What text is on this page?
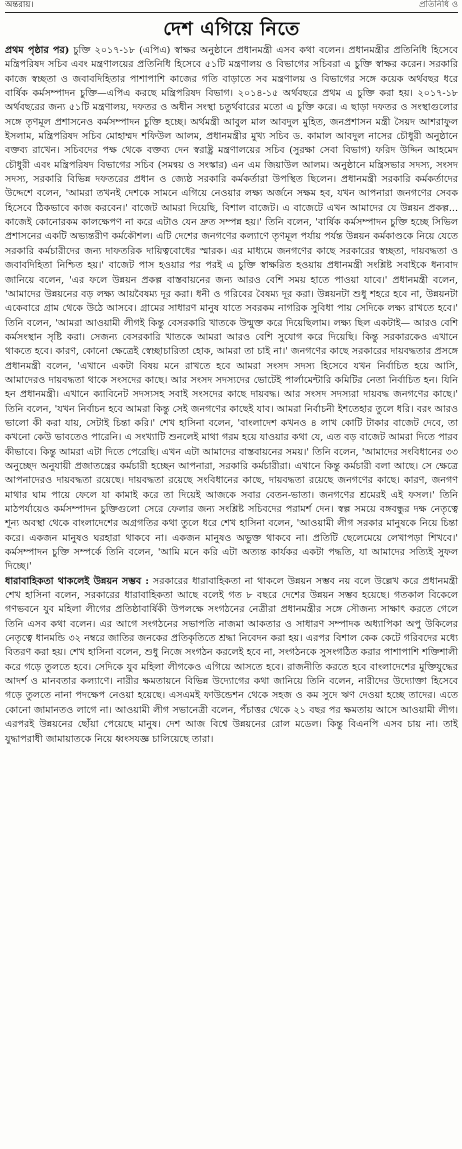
অন্তরায়।	প্রতিনিধি ও
দেশ এগিয়ে নিতে

প্রথম পৃষ্ঠার পর) চুক্তি ২০১৭-১৮ (এপিএ) স্বাক্ষর অনুষ্ঠানে প্রধানমন্ত্রী এসব কথা বলেন। প্রধানমন্ত্রীর প্রতিনিধি হিসেবে মন্ত্রিপরিষদ সচিব এবং মন্ত্রণালয়ের প্রতিনিধি হিসেবে ৫১টি মন্ত্রণালয় ও বিভাগের সচিবরা এ চুক্তি স্বাক্ষর করেন। সরকারি কাজে স্বচ্ছতা ও জবাবদিহিতার পাশাপাশি কাজের গতি বাড়াতে সব মন্ত্রণালয় ও বিভাগের সঙ্গে কয়েক অর্থবছর ধরে বার্ষিক কর্মসম্পাদন চুক্তি—এপিএ করছে মন্ত্রিপরিষদ বিভাগ। ২০১৪-১৫ অর্থবছরে প্রথম এ চুক্তি করা হয়। ২০১৭-১৮ অর্থবছরের জন্য ৫১টি মন্ত্রণালয়, দফতর ও অধীন সংস্থা চতুর্থবারের মতো এ চুক্তি করে। এ ছাড়া দফতর ও সংস্থাগুলোর সঙ্গে তৃণমূল প্রশাসনেও কর্মসম্পাদন চুক্তি হচ্ছে। অর্থমন্ত্রী আবুল মাল আবদুল মুহিত, জনপ্রশাসন মন্ত্রী সৈয়দ আশরাফুল ইসলাম, মন্ত্রিপরিষদ সচিব মোহাম্মদ শফিউল আলম, প্রধানমন্ত্রীর মুখ্য সচিব ড. কামাল আবদুল নাসের চৌধুরী অনুষ্ঠানে বক্তব্য রাখেন। সচিবদের পক্ষ থেকে বক্তব্য দেন স্বরাষ্ট্র মন্ত্রণালয়ের সচিব (সুরক্ষা সেবা বিভাগ) ফরিদ উদ্দিন আহমেদ চৌধুরী এবং মন্ত্রিপরিষদ বিভাগের সচিব (সমন্বয় ও সংস্কার) এন এম জিয়াউল আলম। অনুষ্ঠানে মন্ত্রিসভার সদস্য, সংসদ সদস্য, সরকারি বিভিন্ন দফতরের প্রধান ও জ্যেষ্ঠ সরকারি কর্মকর্তারা উপস্থিত ছিলেন। প্রধানমন্ত্রী সরকারি কর্মকর্তাদের উদ্দেশে বলেন, 'আমরা তখনই দেশকে সামনে এগিয়ে নেওয়ার লক্ষ্য অর্জনে সক্ষম হব, যখন আপনারা জনগণের সেবক হিসেবে ঠিকভাবে কাজ করবেন।' বাজেট আমরা দিয়েছি, বিশাল বাজেট। এ বাজেটে এখন আমাদের যে উন্নয়ন প্রকল্প... কাজেই কোনোরকম কালক্ষেপণ না করে এটাও যেন দ্রুত সম্পন্ন হয়।' তিনি বলেন, 'বার্ষিক কর্মসম্পাদন চুক্তি হচ্ছে সিভিল প্রশাসনের একটি অভ্যন্তরীণ কর্মকৌশল। এটি দেশের জনগণের কল্যাণে তৃণমূল পর্যায় পর্যন্ত উন্নয়ন কর্মকাণ্ডকে নিয়ে যেতে সরকারি কর্মচারীদের জন্য দাফতরিক দায়িত্ববোধের স্মারক। এর মাধ্যমে জনগণের কাছে সরকারের স্বচ্ছতা, দায়বদ্ধতা ও জবাবদিহিতা নিশ্চিত হয়।' বাজেট পাস হওয়ার পর পরই এ চুক্তি স্বাক্ষরিত হওয়ায় প্রধানমন্ত্রী সংশ্লিষ্ট সবাইকে ধন্যবাদ জানিয়ে বলেন, 'এর ফলে উন্নয়ন প্রকল্প বাস্তবায়নের জন্য আরও বেশি সময় হাতে পাওয়া যাবে।' প্রধানমন্ত্রী বলেন, 'আমাদের উন্নয়নের বড় লক্ষ্য আয়বৈষম্য দূর করা। ধনী ও গরিবের বৈষম্য দূর করা। উন্নয়নটা শুধু শহরে হবে না, উন্নয়নটা একেবারে গ্রাম থেকে উঠে আসবে। গ্রামের সাধারণ মানুষ যাতে সবরকম নাগরিক সুবিধা পায় সেদিকে লক্ষ্য রাখতে হবে।' তিনি বলেন, 'আমরা আওয়ামী লীগই কিন্তু বেসরকারি খাতকে উন্মুক্ত করে দিয়েছিলাম। লক্ষ্য ছিল একটাই— আরও বেশি কর্মসংস্থান সৃষ্টি করা। সেজন্য বেসরকারি খাতকে আমরা আরও বেশি সুযোগ করে দিয়েছি। কিন্তু সরকারকেও এখানে থাকতে হবে। কারণ, কোনো ক্ষেত্রেই স্বেচ্ছাচারিতা হোক, আমরা তা চাই না।' জনগণের কাছে সরকারের দায়বদ্ধতার প্রসঙ্গে প্রধানমন্ত্রী বলেন, 'এখানে একটা বিষয় মনে রাখতে হবে আমরা সংসদ সদস্য হিসেবে যখন নির্বাচিত হয়ে আসি, আমাদেরও দায়বদ্ধতা থাকে সংসদের কাছে। আর সংসদ সদস্যদের ভোটেই পার্লামেন্টারি কমিটির নেতা নির্বাচিত হন। যিনি হন প্রধানমন্ত্রী। এখানে ক্যাবিনেট সদস্যসহ সবাই সংসদের কাছে দায়বদ্ধ। আর সংসদ সদস্যরা দায়বদ্ধ জনগণের কাছে।' তিনি বলেন, 'যখন নির্বাচন হবে আমরা কিন্তু সেই জনগণের কাছেই যাব। আমরা নির্বাচনী ইশতেহার তুলে ধরি। বরং আরও ভালো কী করা যায়, সেটাই চিন্তা করি।' শেখ হাসিনা বলেন, 'বাংলাদেশ কখনও ৪ লাখ কোটি টাকার বাজেট দেবে, তা কখনো কেউ ভাবতেও পারেনি। এ সংখ্যাটি শুনলেই মাথা গরম হয়ে যাওয়ার কথা যে, এত বড় বাজেট আমরা দিতে পারব কীভাবে। কিন্তু আমরা এটা দিতে পেরেছি। এখন এটা আমাদের বাস্তবায়নের সময়।' তিনি বলেন, 'আমাদের সংবিধানের ৩৩ অনুচ্ছেদ অনুযায়ী প্রজাতন্ত্রের কর্মচারী হচ্ছেন আপনারা, সরকারি কর্মচারীরা। এখানে কিন্তু কর্মচারী বলা আছে। সে ক্ষেত্রে আপনাদেরও দায়বদ্ধতা রয়েছে। দায়বদ্ধতা রয়েছে সংবিধানের কাছে, দায়বদ্ধতা রয়েছে জনগণের কাছে। কারণ, জনগণ মাথার ঘাম পায়ে ফেলে যা কামাই করে তা দিয়েই আজকে সবার বেতন-ভাতা। জনগণের শ্রমেরই এই ফসল।' তিনি মাঠপর্যায়েও কর্মসম্পাদন চুক্তিগুলো সেরে ফেলার জন্য সংশ্লিষ্ট সচিবদের পরামর্শ দেন। স্বল্প সময়ে বঙ্গবন্ধুর দক্ষ নেতৃত্বে শূন্য অবস্থা থেকে বাংলাদেশের অগ্রগতির কথা তুলে ধরে শেখ হাসিনা বলেন, 'আওয়ামী লীগ সরকার মানুষকে নিয়ে চিন্তা করে। একজন মানুষও ঘরহারা থাকবে না। একজন মানুষও অভুক্ত থাকবে না। প্রতিটি ছেলেমেয়ে লেখাপড়া শিখবে।' কর্মসম্পাদন চুক্তি সম্পর্কে তিনি বলেন, 'আমি মনে করি এটা অত্যন্ত কার্যকর একটা পদ্ধতি, যা আমাদের সত্যিই সুফল দিচ্ছে।'

ধারাবাহিকতা থাকলেই উন্নয়ন সম্ভব : সরকারের ধারাবাহিকতা না থাকলে উন্নয়ন সম্ভব নয় বলে উল্লেখ করে প্রধানমন্ত্রী শেখ হাসিনা বলেন, সরকারের ধারাবাহিকতা আছে বলেই গত ৮ বছরে দেশের উন্নয়ন সম্ভব হয়েছে। গতকাল বিকেলে গণভবনে যুব মহিলা লীগের প্রতিষ্ঠাবার্ষিকী উপলক্ষে সংগঠনের নেত্রীরা প্রধানমন্ত্রীর সঙ্গে সৌজন্য সাক্ষাৎ করতে গেলে তিনি এসব কথা বলেন। এর আগে সংগঠনের সভাপতি নাজমা আকতার ও সাধারণ সম্পাদক অধ্যাপিকা অপু উকিলের নেতৃত্বে ধানমন্ডি ৩২ নম্বরে জাতির জনকের প্রতিকৃতিতে শ্রদ্ধা নিবেদন করা হয়। এরপর বিশাল কেক কেটে গরিবদের মধ্যে বিতরণ করা হয়। শেখ হাসিনা বলেন, শুধু নিজে সংগঠন করলেই হবে না, সংগঠনকে সুসংগঠিত করার পাশাপাশি শক্তিশালী করে গড়ে তুলতে হবে। সেদিকে যুব মহিলা লীগকেও এগিয়ে আসতে হবে। রাজনীতি করতে হবে বাংলাদেশের মুক্তিযুদ্ধের আদর্শ ও মানবতার কল্যাণে। নারীর ক্ষমতায়নে বিভিন্ন উদ্যোগের কথা জানিয়ে তিনি বলেন, নারীদের উদ্যোক্তা হিসেবে গড়ে তুলতে নানা পদক্ষেপ নেওয়া হয়েছে। এসএমই ফাউন্ডেশন থেকে সহজ ও কম সুদে ঋণ দেওয়া হচ্ছে তাদের। এতে কোনো জামানতও লাগে না। আওয়ামী লীগ সভানেত্রী বলেন, পঁচাত্তর থেকে ২১ বছর পর ক্ষমতায় আসে আওয়ামী লীগ। এরপরই উন্নয়নের ছোঁয়া পেয়েছে মানুষ। দেশ আজ বিশ্বে উন্নয়নের রোল মডেল। কিন্তু বিএনপি এসব চায় না। তাই যুদ্ধাপরাধী জামায়াতকে নিয়ে ধ্বংসযজ্ঞ চালিয়েছে তারা।
